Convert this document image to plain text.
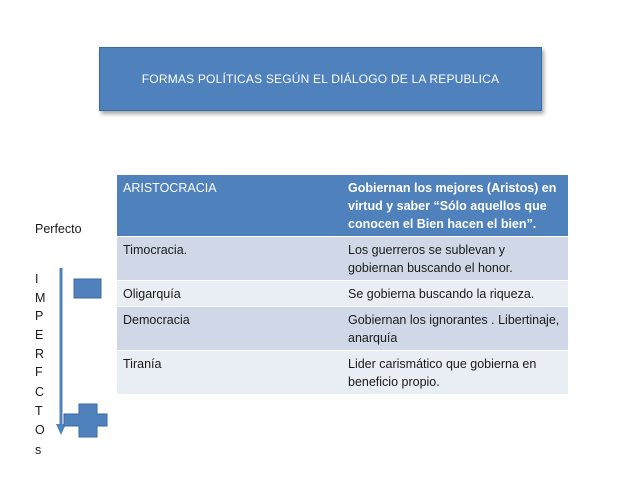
FORMAS POLÍTICAS SEGÚN EL DIÁLOGO DE LA REPUBLICA
Perfecto
I
M
P
E
R
F
C
T
O
s
ARISTOCRACIA	Gobiernan los mejores (Aristos) en virtud y saber “Sólo aquellos que conocen el Bien hacen el bien”.
Timocracia.	Los guerreros se sublevan y gobiernan buscando el honor.
Oligarquía	Se gobierna buscando la riqueza.
Democracia	Gobiernan los ignorantes . Libertinaje, anarquía
Tiranía	Lider carismático que gobierna en beneficio propio.
